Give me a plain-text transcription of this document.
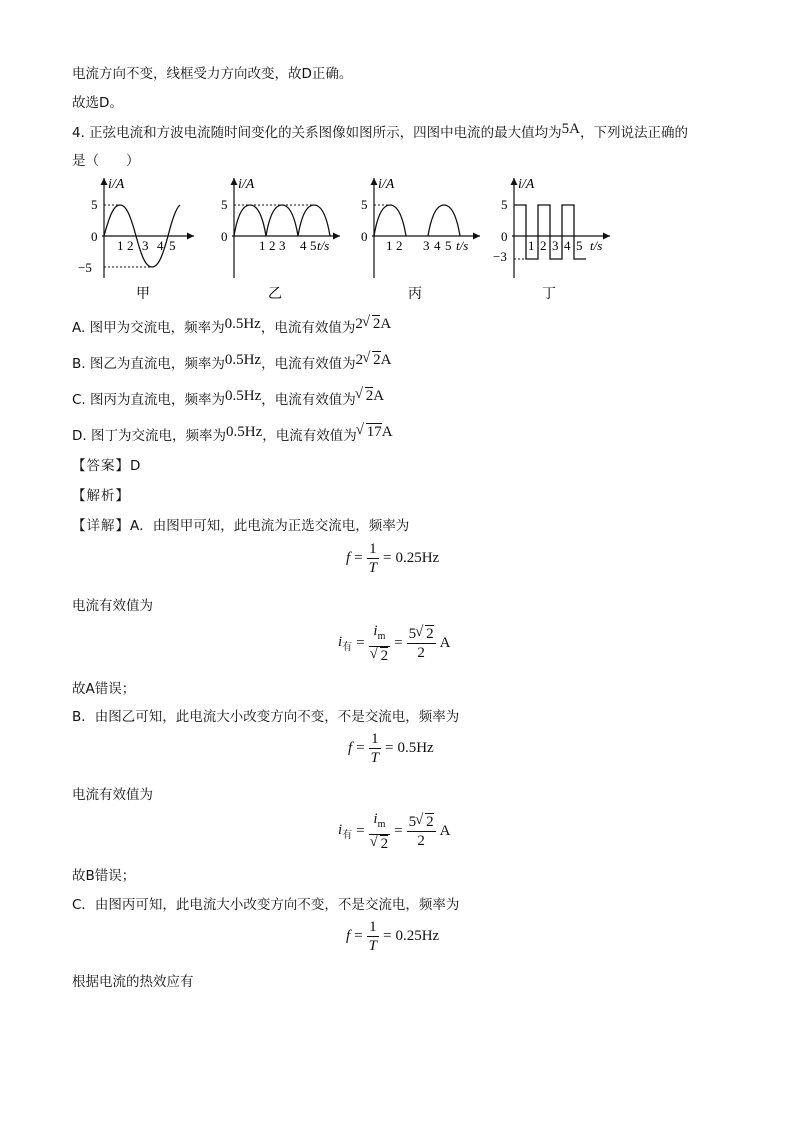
电流方向不变，线框受力方向改变，故D正确。
故选D。
4. 正弦电流和方波电流随时间变化的关系图像如图所示，四图中电流的最大值均为5A，下列说法正确的
是（　　）
i/A
5
0
−5
1 2 3 4 5
甲
i/A
5
0
1 2 3 4 5 t/s
乙
i/A
5
0
1 2 3 4 5 t/s
丙
i/A
5
0
−3
1 2 3 4 5 t/s
丁
A. 图甲为交流电，频率为0.5Hz，电流有效值为2 √ 2A
B. 图乙为直流电，频率为0.5Hz，电流有效值为2 √ 2A
C. 图丙为直流电，频率为0.5Hz，电流有效值为 √ 2A
D. 图丁为交流电，频率为0.5Hz，电流有效值为 √ 17A
【答案】D
【解析】
【详解】A．由图甲可知，此电流为正选交流电，频率为
$f = \frac{1}{T} = 0.25Hz$
电流有效值为
$i_有 = i_m$
√ $2 = \frac{5 √ 2}{2}$ A
故A错误；
B．由图乙可知，此电流大小改变方向不变，不是交流电，频率为
$f = \frac{1}{T} = 0.5Hz$
电流有效值为
$i_有 = i_m$
√ $2 = \frac{5 √ 2}{2}$ A
故B错误；
C．由图丙可知，此电流大小改变方向不变，不是交流电，频率为
$f = \frac{1}{T} = 0.25Hz$
根据电流的热效应有
